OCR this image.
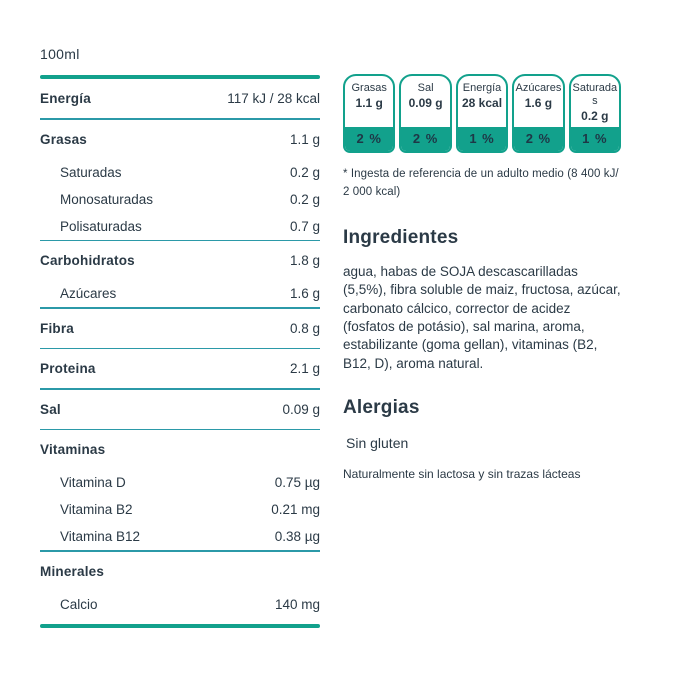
100ml
Energía	117 kJ / 28 kcal
Grasas	1.1 g
Saturadas	0.2 g
Monosaturadas	0.2 g
Polisaturadas	0.7 g
Carbohidratos	1.8 g
Azúcares	1.6 g
Fibra	0.8 g
Proteina	2.1 g
Sal	0.09 g
Vitaminas
Vitamina D	0.75 µg
Vitamina B2	0.21 mg
Vitamina B12	0.38 µg
Minerales
Calcio	140 mg
Grasas
1.1 g
2 %
Sal
0.09 g
2 %
Energía
28 kcal
1 %
Azúcares
1.6 g
2 %
Saturadas
0.2 g
1 %
* Ingesta de referencia de un adulto medio (8 400 kJ/ 2 000 kcal)
Ingredientes
agua, habas de SOJA descascarilladas (5,5%), fibra soluble de maiz, fructosa, azúcar, carbonato cálcico, corrector de acidez (fosfatos de potásio), sal marina, aroma, estabilizante (goma gellan), vitaminas (B2, B12, D), aroma natural.
Alergias
Sin gluten
Naturalmente sin lactosa y sin trazas lácteas
